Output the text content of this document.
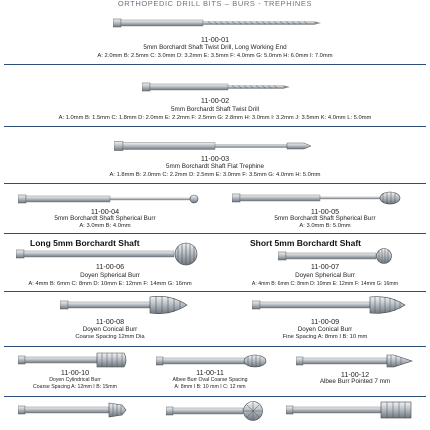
ORTHOPEDIC DRILL BITS – BURS - TREPHINES
11-00-01
5mm Borchardt Shaft Twist Drill, Long Working End
A: 2.0mm B: 2.5mm C: 3.0mm D: 3.2mm E: 3.5mm F: 4.0mm G: 5.0mm H: 6.0mm I: 7.0mm
11-00-02
5mm Borchardt Shaft Twist Drill
A: 1.0mm B: 1.5mm C: 1.8mm D: 2.0mm E: 2.2mm F: 2.5mm G: 2.8mm H: 3.0mm I: 3.2mm J: 3.5mm K: 4.0mm L: 5.0mm
11-00-03
5mm Borchardt Shaft Flat Trephine
A: 1.8mm B: 2.0mm C: 2.2mm D: 2.5mm E: 3.0mm F: 3.5mm G: 4.0mm H: 5.0mm
11-00-04
5mm Borchardt Shaft Spherical Burr
A: 3.0mm B: 4.0mm
11-00-05
5mm Borchardt Shaft Spherical Burr
A: 3.0mm B: 5.0mm
Long 5mm Borchardt Shaft	Short 5mm Borchardt Shaft
11-00-06
Doyen Spherical Burr
A: 4mm B: 6mm C: 8mm D: 10mm E: 12mm F: 14mm G: 16mm
11-00-07
Doyen Spherical Burr
A: 4mm B: 6mm C: 8mm D: 10mm E: 12mm F: 14mm G: 16mm
11-00-08
Doyen Conical Burr
Coarse Spacing 12mm Dia
11-00-09
Doyen Conical Burr
Fine Spacing A: 8mm I B: 10 mm
11-00-10
Doyen Cylindrical Burr
Coarse Spacing A: 12mm I B: 15mm
11-00-11
Albee Burr Oval Coarse Spacing
A: 8mm I B: 10 mm I C: 12 mm
11-00-12
Albee Burr Pointed 7 mm
